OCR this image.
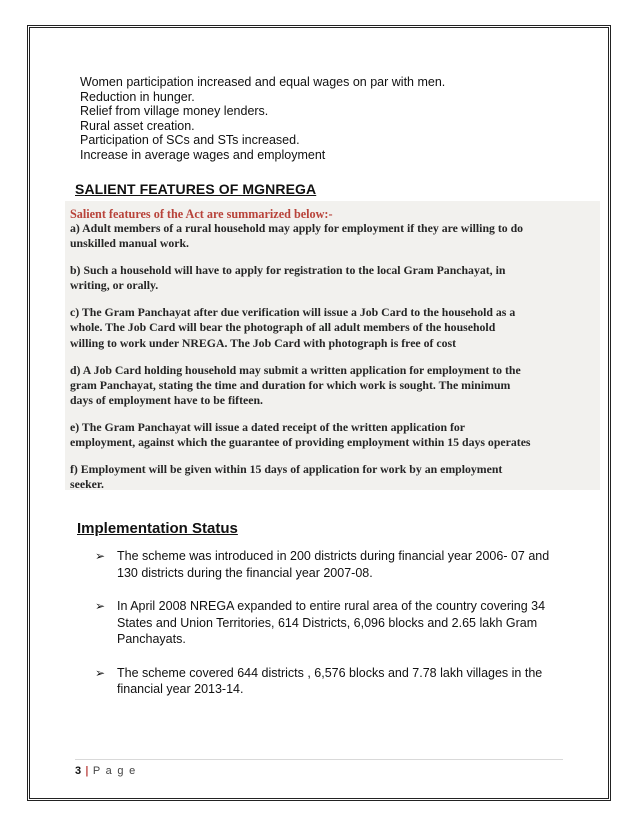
Women participation increased and equal wages on par with men.
Reduction in hunger.
Relief from village money lenders.
Rural asset creation.
Participation of SCs and STs increased.
Increase in average wages and employment
SALIENT FEATURES OF MGNREGA
Salient features of the Act are summarized below:-
a) Adult members of a rural household may apply for employment if they are willing to do
unskilled manual work.
b) Such a household will have to apply for registration to the local Gram Panchayat, in
writing, or orally.
c) The Gram Panchayat after due verification will issue a Job Card to the household as a
whole. The Job Card will bear the photograph of all adult members of the household
willing to work under NREGA. The Job Card with photograph is free of cost
d) A Job Card holding household may submit a written application for employment to the
gram Panchayat, stating the time and duration for which work is sought. The minimum
days of employment have to be fifteen.
e) The Gram Panchayat will issue a dated receipt of the written application for
employment, against which the guarantee of providing employment within 15 days operates
f) Employment will be given within 15 days of application for work by an employment
seeker.
Implementation Status
➢ The scheme was introduced in 200 districts during financial year 2006- 07 and 130 districts during the financial year 2007-08.
➢ In April 2008 NREGA expanded to entire rural area of the country covering 34 States and Union Territories, 614 Districts, 6,096 blocks and 2.65 lakh Gram Panchayats.
➢ The scheme covered 644 districts , 6,576 blocks and 7.78 lakh villages in the financial year 2013-14.
3 | P a g e
